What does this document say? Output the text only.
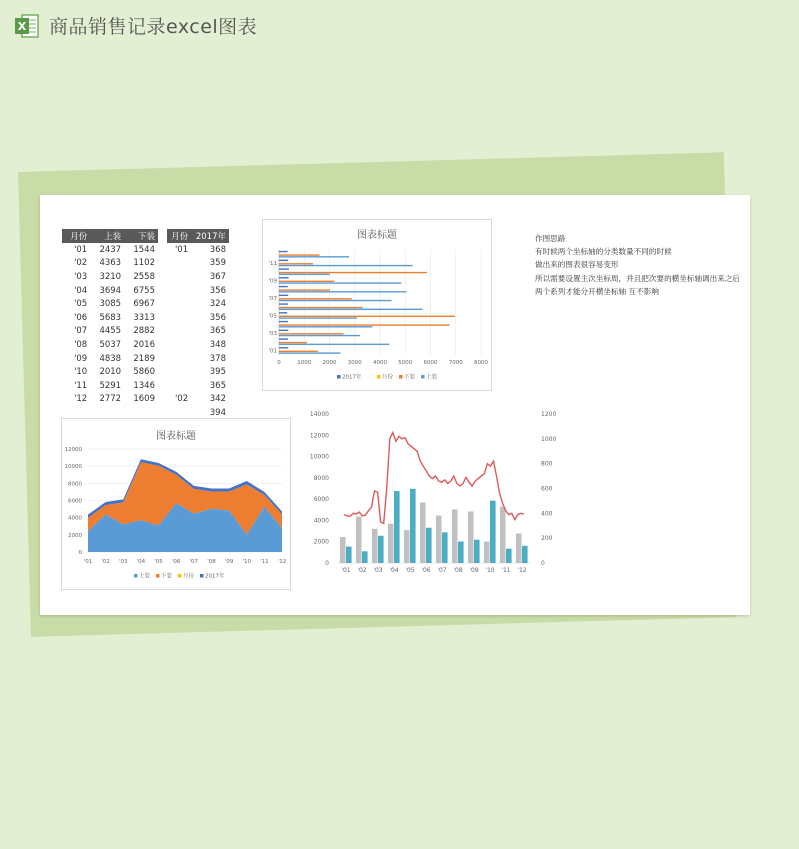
X 商品销售记录excel图表
月份	上装	下装
'01	2437	1544
'02	4363	1102
'03	3210	2558
'04	3694	6755
'05	3085	6967
'06	5683	3313
'07	4455	2882
'08	5037	2016
'09	4838	2189
'10	2010	5860
'11	5291	1346
'12	2772	1609
月份	2017年
'01	368
	359
	367
	356
	324
	356
	365
	348
	378
	395
	365
'02	342
	394
图表标题
0	1000 2000 3000 4000 5000 6000 7000 8000
'01
'03
'05
'07
'09
'11
2017年	月份 下装 上装
图表标题
0
2000
4000
6000
8000
10000
12000
'01 '02 '03 '04 '05 '06 '07 '08 '09 '10 '11 '12
上装 下装 月份 2017年
0
2000
4000
6000
8000
10000
12000
14000
0
200
400
600
800
1000
1200
'01 '02 '03 '04 '05 '06 '07 '08 '09 '10 '11 '12
作图思路
有时候两个坐标轴的分类数量不同的时候
做出来的图表很容易变形
所以需要设置主次坐标周，并且把次要的横坐标轴调出来之后
两个系列才能分开横坐标轴 互不影响
